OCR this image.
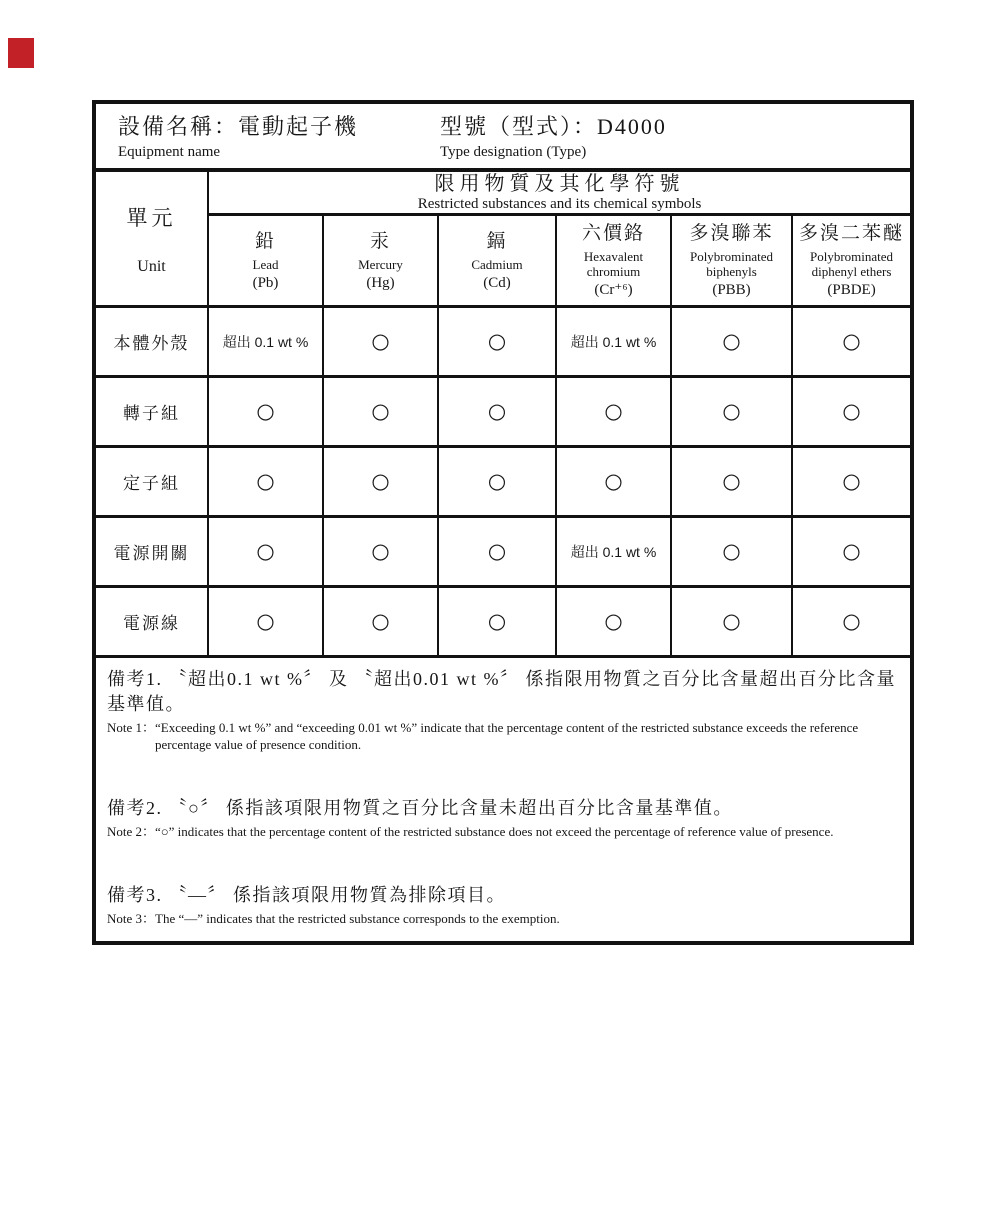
設備名稱：電動起子機
Equipment name
型號（型式）：D4000
Type designation (Type)
單元
Unit

限用物質及其化學符號
Restricted substances and its chemical symbols

鉛
Lead
(Pb)

汞
Mercury
(Hg)

鎘
Cadmium
(Cd)

六價鉻
Hexavalent chromium
(Cr⁺⁶)

多溴聯苯
Polybrominated biphenyls
(PBB)

多溴二苯醚
Polybrominated diphenyl ethers
(PBDE)

本體外殼	超出 0.1 wt %	○	○	超出 0.1 wt %	○	○
轉子組	○	○	○	○	○	○
定子組	○	○	○	○	○	○
電源開關	○	○	○	超出 0.1 wt %	○	○
電源線	○	○	○	○	○	○
備考1. 〝超出0.1 wt %〞 及 〝超出0.01 wt %〞 係指限用物質之百分比含量超出百分比含量基準值。
Note 1：“Exceeding 0.1 wt %” and “exceeding 0.01 wt %” indicate that the percentage content of the restricted substance exceeds the reference percentage value of presence condition.
備考2. 〝○〞 係指該項限用物質之百分比含量未超出百分比含量基準值。
Note 2：“○” indicates that the percentage content of the restricted substance does not exceed the percentage of reference value of presence.
備考3. 〝—〞 係指該項限用物質為排除項目。
Note 3：The “—” indicates that the restricted substance corresponds to the exemption.
